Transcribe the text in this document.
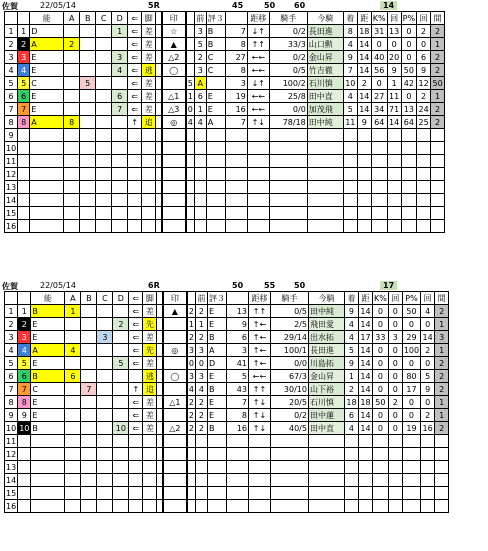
佐賀	22/05/14	5R	45	50 60	14
		能	A	B	C	D	⇐	脚		印		前	評３		距移	騎手	今騎	着	距	K%	回	P%	回	間
1	1	D				1	⇐	差		☆		3	B	7	↓↑	0/2	長田進	8	18	31	13	0	2	2
2	2	A	2				⇐	差		▲		5	B	8	↑↑	33/3	山口勲	4	14	0	0	0	0	1
3	3	E				3	⇐	差		△2		2	C	27	←←	0/2	金山昇	9	14	40	20	0	6	2
4	4	E				4	⇐	逃		◯		3	C	8	←←	0/5	竹吉徹	7	14	56	9	50	9	2
5	5	C		5			⇐	差			5	A		3	↓↑	100/2	石川慎	10	2	0	1	42	12	50
6	6	E				6	⇐	差		△1	1	6	E	19	←←	25/8	田中直	4	14	27	11	0	2	1
7	7	E				7	⇐	差		△3	0	1	E	16	←←	0/0	加茂飛	5	14	34	71	13	24	2
8	8	A	8				↑	追		◎	4	4	A	7	↑↓	78/18	田中純	11	9	64	14	64	25	2
9																								
10																								
11																								
12																								
13																								
14																								
15																								
16																								
佐賀	22/05/14	6R	50	55 50	17
		能	A	B	C	D	⇐	脚		印		前	評３		距移	騎手	今騎	着	距	K%	回	P%	回	間
1	1	B	1				⇐	差		▲	2	2	E	13	↑↑	0/5	田中純	9	14	0	0	50	4	2
2	2	E				2	⇐	先			1	1	E	9	↑←	2/5	飛田愛	4	14	0	0	0	0	1
3	3	E			3		⇐	差			2	2	B	6	↑←	29/14	出水拓	4	17	33	3	29	14	3
4	4	A	4				⇐	先		◎	3	3	A	3	↑←	100/1	長田進	5	14	0	0	100	2	1
5	5	E				5	⇐	差			0	0	D	41	↑←	0/0	川島拓	9	14	0	0	0	0	2
6	6	B	6					逃		◯	3	3	E	5	←←	67/3	金山昇	1	14	0	0	80	5	2
7	7	C		7			↑	追			4	4	B	43	↑↑	30/10	山下裕	2	14	0	0	17	9	2
8	8	E					⇐	差		△1	2	2	E	7	↑↓	20/5	石川慎	18	18	50	2	0	0	1
9	9	E					⇐	差			2	2	E	8	↑↓	0/2	田中蓮	6	14	0	0	0	2	1
10	10	B				10	⇐	差		△2	2	2	B	16	↑↓	40/5	田中直	4	14	0	0	19	16	2
11																								
12																								
13																								
14																								
15																								
16																								
